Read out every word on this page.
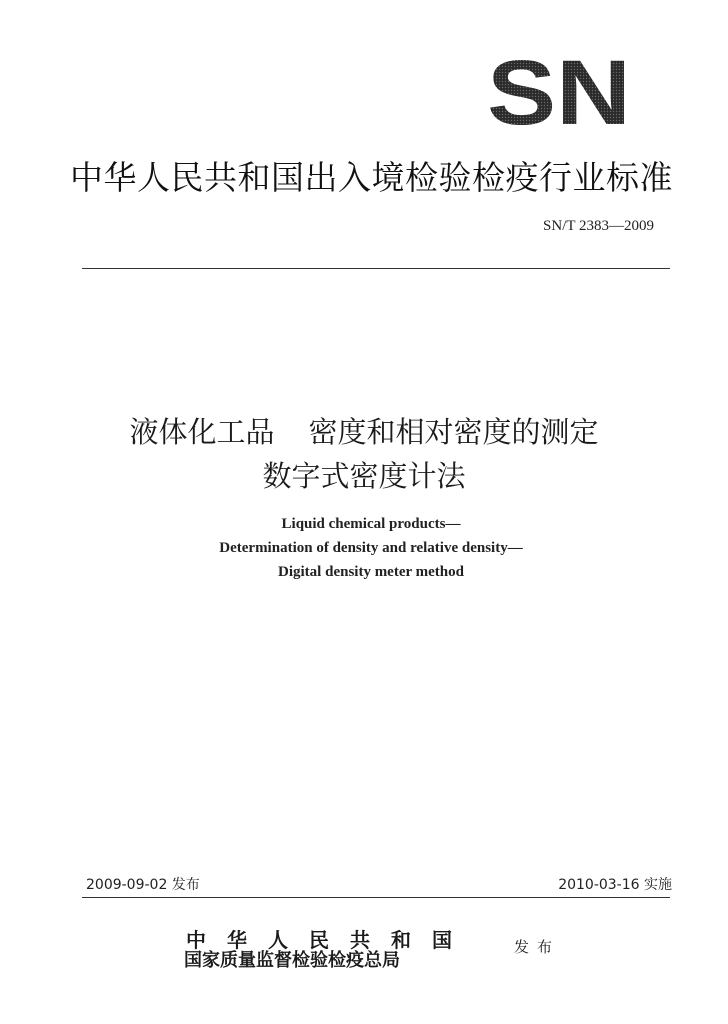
SN
中华人民共和国出入境检验检疫行业标准
SN/T 2383—2009
液体化工品 密度和相对密度的测定
数字式密度计法
Liquid chemical products—
Determination of density and relative density—
Digital density meter method
2009-09-02 发布	2010-03-16 实施
中华人民共和国
国家质量监督检验检疫总局
发布
